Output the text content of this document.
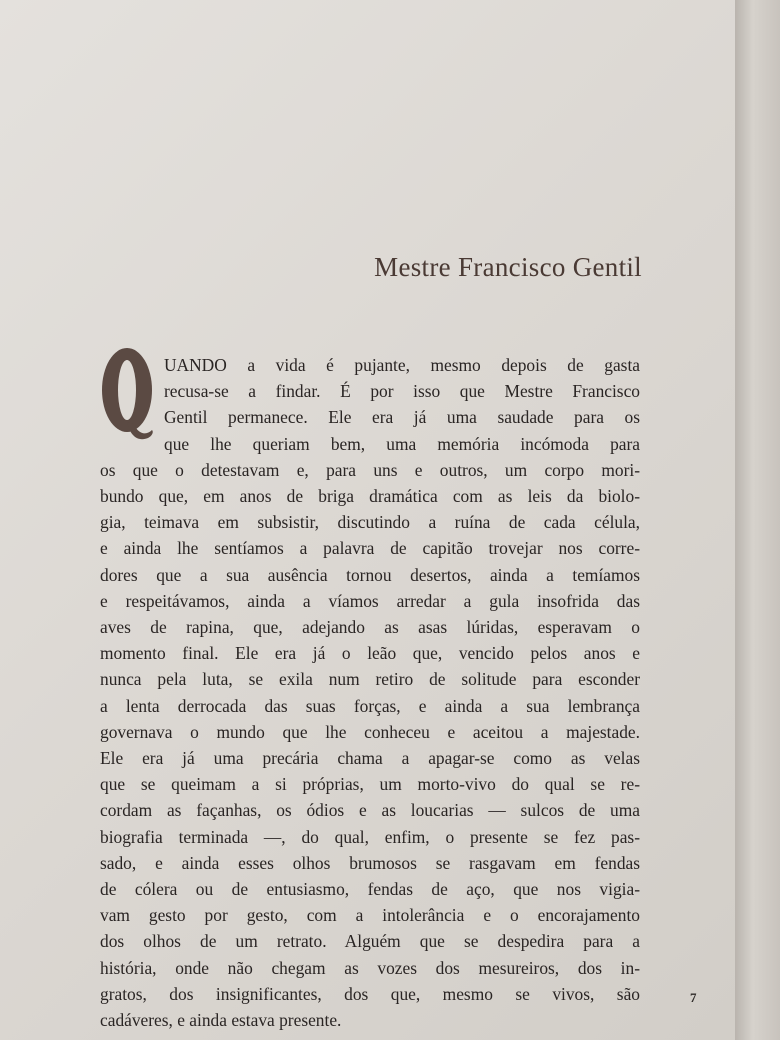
Mestre Francisco Gentil
UANDO a vida é pujante, mesmo depois de gasta
recusa-se a findar. É por isso que Mestre Francisco
Gentil permanece. Ele era já uma saudade para os
que lhe queriam bem, uma memória incómoda para
os que o detestavam e, para uns e outros, um corpo mori-
bundo que, em anos de briga dramática com as leis da biolo-
gia, teimava em subsistir, discutindo a ruína de cada célula,
e ainda lhe sentíamos a palavra de capitão trovejar nos corre-
dores que a sua ausência tornou desertos, ainda a temíamos
e respeitávamos, ainda a víamos arredar a gula insofrida das
aves de rapina, que, adejando as asas lúridas, esperavam o
momento final. Ele era já o leão que, vencido pelos anos e
nunca pela luta, se exila num retiro de solitude para esconder
a lenta derrocada das suas forças, e ainda a sua lembrança
governava o mundo que lhe conheceu e aceitou a majestade.
Ele era já uma precária chama a apagar-se como as velas
que se queimam a si próprias, um morto-vivo do qual se re-
cordam as façanhas, os ódios e as loucarias — sulcos de uma
biografia terminada —, do qual, enfim, o presente se fez pas-
sado, e ainda esses olhos brumosos se rasgavam em fendas
de cólera ou de entusiasmo, fendas de aço, que nos vigia-
vam gesto por gesto, com a intolerância e o encorajamento
dos olhos de um retrato. Alguém que se despedira para a
história, onde não chegam as vozes dos mesureiros, dos in-
gratos, dos insignificantes, dos que, mesmo se vivos, são
cadáveres, e ainda estava presente.
7
